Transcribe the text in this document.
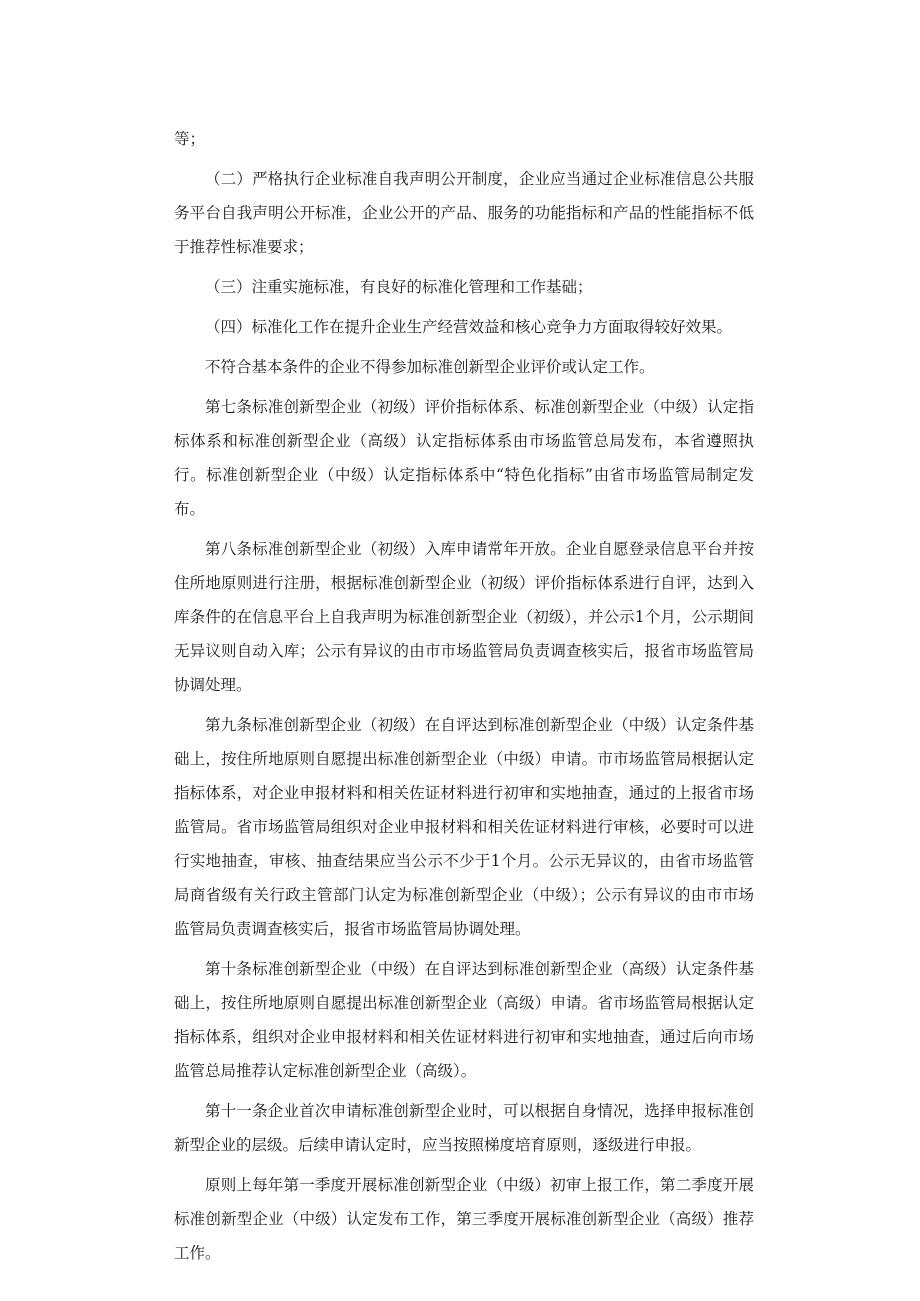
等；

（二）严格执行企业标准自我声明公开制度，企业应当通过企业标准信息公共服务平台自我声明公开标准，企业公开的产品、服务的功能指标和产品的性能指标不低于推荐性标准要求；

（三）注重实施标准，有良好的标准化管理和工作基础；

（四）标准化工作在提升企业生产经营效益和核心竞争力方面取得较好效果。

不符合基本条件的企业不得参加标准创新型企业评价或认定工作。

第七条标准创新型企业（初级）评价指标体系、标准创新型企业（中级）认定指标体系和标准创新型企业（高级）认定指标体系由市场监管总局发布，本省遵照执行。标准创新型企业（中级）认定指标体系中“特色化指标”由省市场监管局制定发布。

第八条标准创新型企业（初级）入库申请常年开放。企业自愿登录信息平台并按住所地原则进行注册，根据标准创新型企业（初级）评价指标体系进行自评，达到入库条件的在信息平台上自我声明为标准创新型企业（初级），并公示1个月，公示期间无异议则自动入库；公示有异议的由市市场监管局负责调查核实后，报省市场监管局协调处理。

第九条标准创新型企业（初级）在自评达到标准创新型企业（中级）认定条件基础上，按住所地原则自愿提出标准创新型企业（中级）申请。市市场监管局根据认定指标体系，对企业申报材料和相关佐证材料进行初审和实地抽查，通过的上报省市场监管局。省市场监管局组织对企业申报材料和相关佐证材料进行审核，必要时可以进行实地抽查，审核、抽查结果应当公示不少于1个月。公示无异议的，由省市场监管局商省级有关行政主管部门认定为标准创新型企业（中级）；公示有异议的由市市场监管局负责调查核实后，报省市场监管局协调处理。

第十条标准创新型企业（中级）在自评达到标准创新型企业（高级）认定条件基础上，按住所地原则自愿提出标准创新型企业（高级）申请。省市场监管局根据认定指标体系，组织对企业申报材料和相关佐证材料进行初审和实地抽查，通过后向市场监管总局推荐认定标准创新型企业（高级）。

第十一条企业首次申请标准创新型企业时，可以根据自身情况，选择申报标准创新型企业的层级。后续申请认定时，应当按照梯度培育原则，逐级进行申报。

原则上每年第一季度开展标准创新型企业（中级）初审上报工作，第二季度开展标准创新型企业（中级）认定发布工作，第三季度开展标准创新型企业（高级）推荐工作。
